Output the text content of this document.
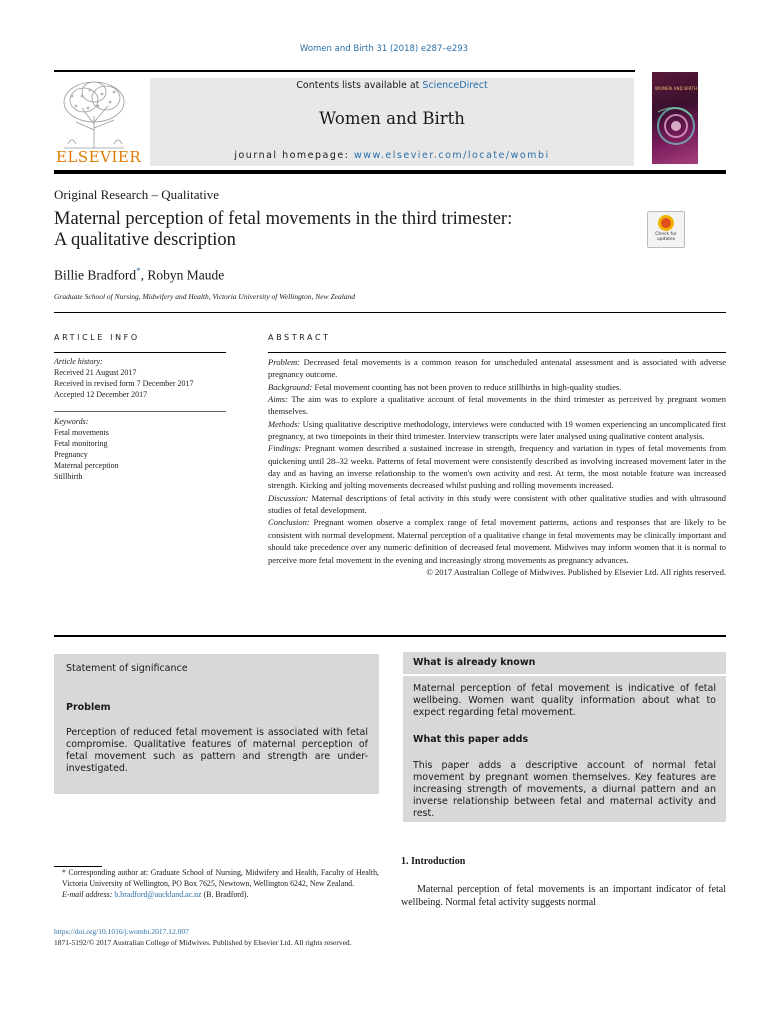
Women and Birth 31 (2018) e287–e293
ELSEVIER
Contents lists available at ScienceDirect
Women and Birth
journal homepage: www.elsevier.com/locate/wombi
WOMEN AND BIRTH
Original Research – Qualitative
Maternal perception of fetal movements in the third trimester:
A qualitative description	Check for updates
Billie Bradford*, Robyn Maude
Graduate School of Nursing, Midwifery and Health, Victoria University of Wellington, New Zealand
ARTICLE INFO	ABSTRACT
Article history:
Received 21 August 2017
Received in revised form 7 December 2017
Accepted 12 December 2017
Keywords:
Fetal movements
Fetal monitoring
Pregnancy
Maternal perception
Stillbirth

Problem: Decreased fetal movements is a common reason for unscheduled antenatal assessment and is associated with adverse pregnancy outcome.

Background: Fetal movement counting has not been proven to reduce stillbirths in high-quality studies.

Aims: The aim was to explore a qualitative account of fetal movements in the third trimester as perceived by pregnant women themselves.

Methods: Using qualitative descriptive methodology, interviews were conducted with 19 women experiencing an uncomplicated first pregnancy, at two timepoints in their third trimester. Interview transcripts were later analysed using qualitative content analysis.

Findings: Pregnant women described a sustained increase in strength, frequency and variation in types of fetal movements from quickening until 28–32 weeks. Patterns of fetal movement were consistently described as involving increased movement later in the day and as having an inverse relationship to the women's own activity and rest. At term, the most notable feature was increased strength. Kicking and jolting movements decreased whilst pushing and rolling movements increased.

Discussion: Maternal descriptions of fetal activity in this study were consistent with other qualitative studies and with ultrasound studies of fetal development.

Conclusion: Pregnant women observe a complex range of fetal movement patterns, actions and responses that are likely to be consistent with normal development. Maternal perception of a qualitative change in fetal movements may be clinically important and should take precedence over any numeric definition of decreased fetal movement. Midwives may inform women that it is normal to perceive more fetal movement in the evening and increasingly strong movements as pregnancy advances.

© 2017 Australian College of Midwives. Published by Elsevier Ltd. All rights reserved.

Statement of significance
Problem
Perception of reduced fetal movement is associated with fetal compromise. Qualitative features of maternal perception of fetal movement such as pattern and strength are under-investigated.
What is already known
Maternal perception of fetal movement is indicative of fetal wellbeing. Women want quality information about what to expect regarding fetal movement.
What this paper adds
This paper adds a descriptive account of normal fetal movement by pregnant women themselves. Key features are increasing strength of movements, a diurnal pattern and an inverse relationship between fetal and maternal activity and rest.
* Corresponding author at: Graduate School of Nursing, Midwifery and Health, Faculty of Health, Victoria University of Wellington, PO Box 7625, Newtown, Wellington 6242, New Zealand.
E-mail address: b.bradford@auckland.ac.nz (B. Bradford).
1. Introduction
Maternal perception of fetal movements is an important indicator of fetal wellbeing. Normal fetal activity suggests normal
https://doi.org/10.1016/j.wombi.2017.12.007
1871-5192/© 2017 Australian College of Midwives. Published by Elsevier Ltd. All rights reserved.
